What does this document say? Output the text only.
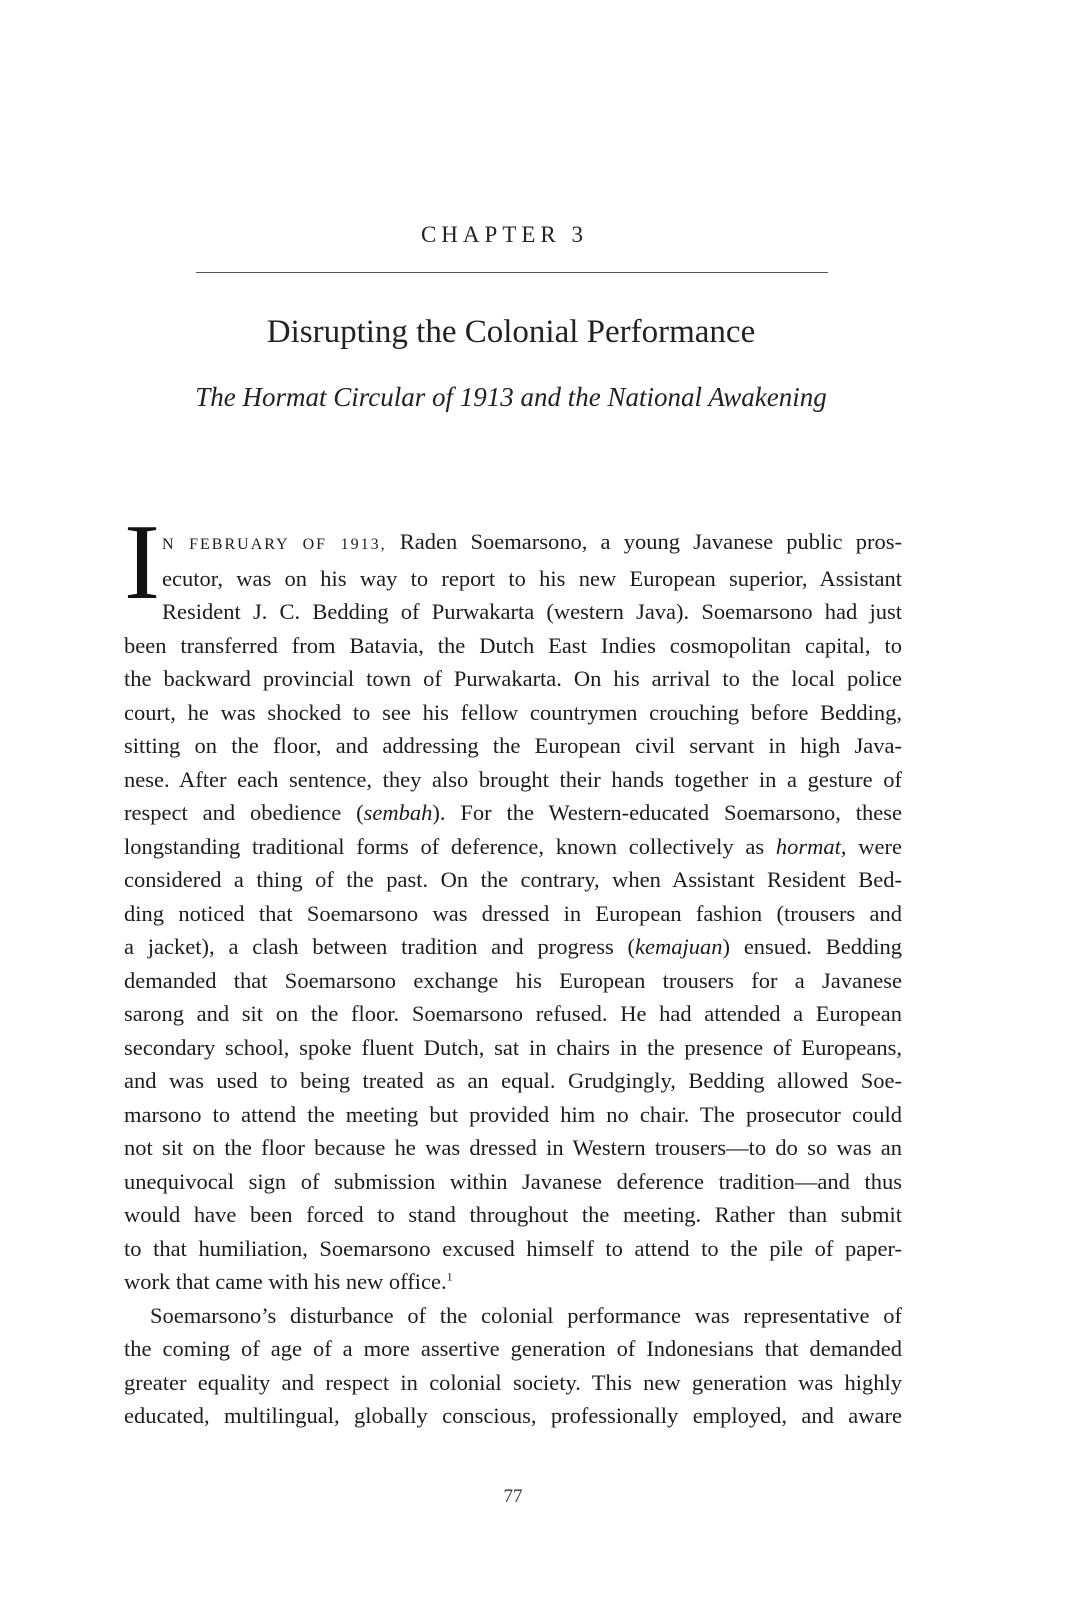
CHAPTER 3
Disrupting the Colonial Performance
The Hormat Circular of 1913 and the National Awakening
I N FEBRUARY OF 1913, Raden Soemarsono, a young Javanese public pros-
ecutor, was on his way to report to his new European superior, Assistant
Resident J. C. Bedding of Purwakarta (western Java). Soemarsono had just
been transferred from Batavia, the Dutch East Indies cosmopolitan capital, to
the backward provincial town of Purwakarta. On his arrival to the local police
court, he was shocked to see his fellow countrymen crouching before Bedding,
sitting on the floor, and addressing the European civil servant in high Java-
nese. After each sentence, they also brought their hands together in a gesture of
respect and obedience (sembah). For the Western-educated Soemarsono, these
longstanding traditional forms of deference, known collectively as hormat, were
considered a thing of the past. On the contrary, when Assistant Resident Bed-
ding noticed that Soemarsono was dressed in European fashion (trousers and
a jacket), a clash between tradition and progress (kemajuan) ensued. Bedding
demanded that Soemarsono exchange his European trousers for a Javanese
sarong and sit on the floor. Soemarsono refused. He had attended a European
secondary school, spoke fluent Dutch, sat in chairs in the presence of Europeans,
and was used to being treated as an equal. Grudgingly, Bedding allowed Soe-
marsono to attend the meeting but provided him no chair. The prosecutor could
not sit on the floor because he was dressed in Western trousers—to do so was an
unequivocal sign of submission within Javanese deference tradition—and thus
would have been forced to stand throughout the meeting. Rather than submit
to that humiliation, Soemarsono excused himself to attend to the pile of paper-
work that came with his new office.$^1$
Soemarsono’s disturbance of the colonial performance was representative of
the coming of age of a more assertive generation of Indonesians that demanded
greater equality and respect in colonial society. This new generation was highly
educated, multilingual, globally conscious, professionally employed, and aware
77
